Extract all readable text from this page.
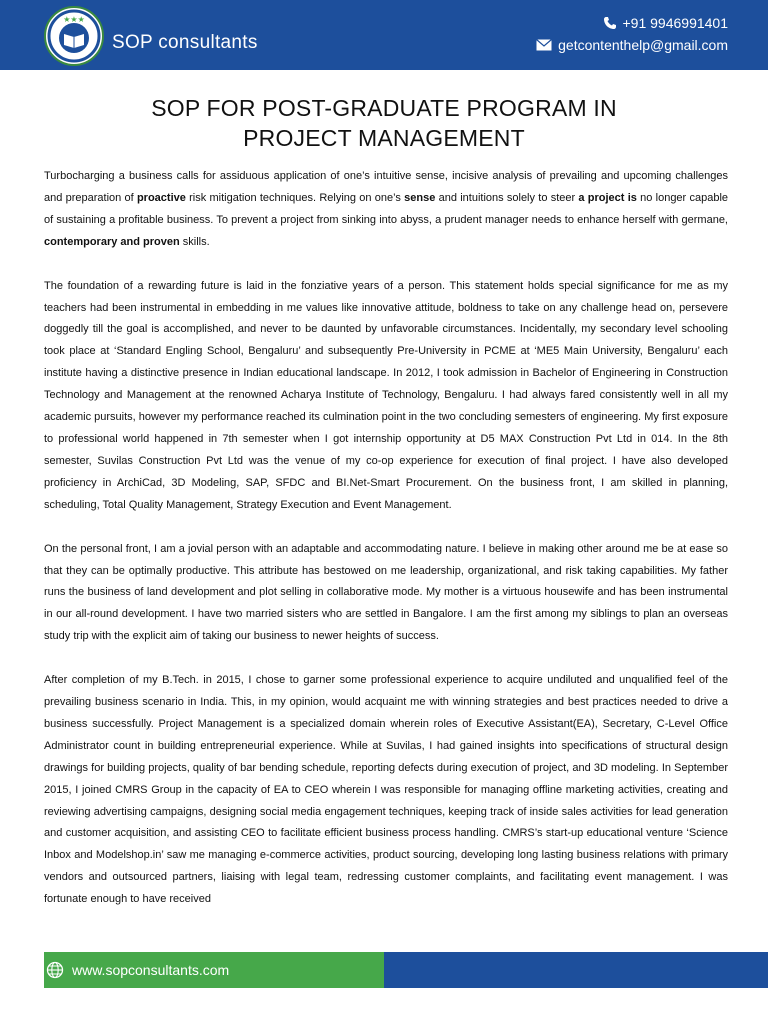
★★★
SOP consultants
+91 9946991401
getcontenthelp@gmail.com
SOP FOR POST-GRADUATE PROGRAM IN
PROJECT MANAGEMENT

Turbocharging a business calls for assiduous application of one’s intuitive sense, incisive analysis of prevailing and upcoming challenges and preparation of proactive risk mitigation techniques. Relying on one’s sense and intuitions solely to steer a project is no longer capable of sustaining a profitable business. To prevent a project from sinking into abyss, a prudent manager needs to enhance herself with germane, contemporary and proven skills.

The foundation of a rewarding future is laid in the fonziative years of a person. This statement holds special significance for me as my teachers had been instrumental in embedding in me values like innovative attitude, boldness to take on any challenge head on, persevere doggedly till the goal is accomplished, and never to be daunted by unfavorable circumstances. Incidentally, my secondary level schooling took place at ‘Standard Engling School, Bengaluru’ and subsequently Pre-University in PCME at ‘ME5 Main University, Bengaluru’ each institute having a distinctive presence in Indian educational landscape. In 2012, I took admission in Bachelor of Engineering in Construction Technology and Management at the renowned Acharya Institute of Technology, Bengaluru. I had always fared consistently well in all my academic pursuits, however my performance reached its culmination point in the two concluding semesters of engineering. My first exposure to professional world happened in 7th semester when I got internship opportunity at D5 MAX Construction Pvt Ltd in 014. In the 8th semester, Suvilas Construction Pvt Ltd was the venue of my co-op experience for execution of final project. I have also developed proficiency in ArchiCad, 3D Modeling, SAP, SFDC and BI.Net-Smart Procurement. On the business front, I am skilled in planning, scheduling, Total Quality Management, Strategy Execution and Event Management.

On the personal front, I am a jovial person with an adaptable and accommodating nature. I believe in making other around me be at ease so that they can be optimally productive. This attribute has bestowed on me leadership, organizational, and risk taking capabilities. My father runs the business of land development and plot selling in collaborative mode. My mother is a virtuous housewife and has been instrumental in our all-round development. I have two married sisters who are settled in Bangalore. I am the first among my siblings to plan an overseas study trip with the explicit aim of taking our business to newer heights of success.

After completion of my B.Tech. in 2015, I chose to garner some professional experience to acquire undiluted and unqualified feel of the prevailing business scenario in India. This, in my opinion, would acquaint me with winning strategies and best practices needed to drive a business successfully. Project Management is a specialized domain wherein roles of Executive Assistant(EA), Secretary, C-Level Office Administrator count in building entrepreneurial experience. While at Suvilas, I had gained insights into specifications of structural design drawings for building projects, quality of bar bending schedule, reporting defects during execution of project, and 3D modeling. In September 2015, I joined CMRS Group in the capacity of EA to CEO wherein I was responsible for managing offline marketing activities, creating and reviewing advertising campaigns, designing social media engagement techniques, keeping track of inside sales activities for lead generation and customer acquisition, and assisting CEO to facilitate efficient business process handling. CMRS’s start-up educational venture ‘Science Inbox and Modelshop.in’ saw me managing e-commerce activities, product sourcing, developing long lasting business relations with primary vendors and outsourced partners, liaising with legal team, redressing customer complaints, and facilitating event management. I was fortunate enough to have received

www.sopconsultants.com
